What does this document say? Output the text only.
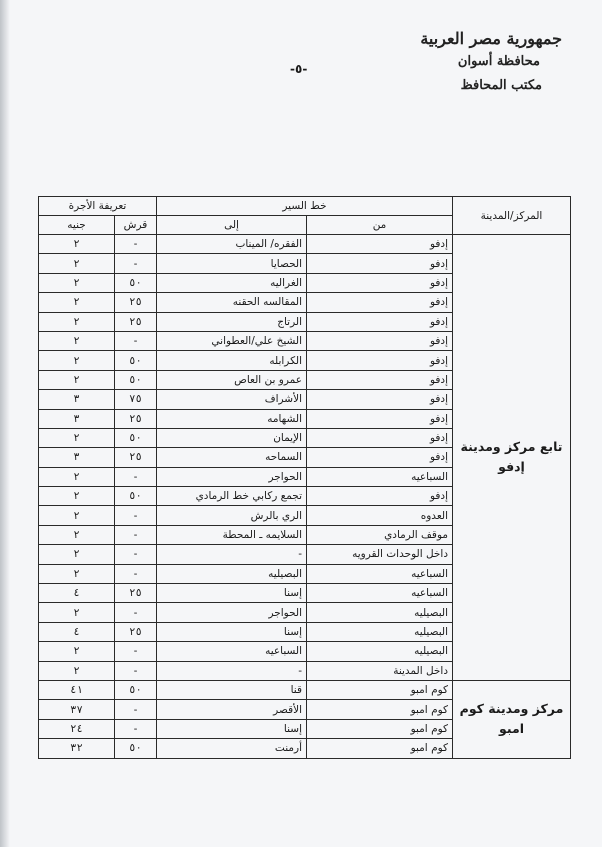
جمهورية مصر العربية
محافظة أسوان
مكتب المحافظ
-٥-
المركز/المدينة	خط السير		تعريفة الأجرة	
	من	إلى	قرش	جنيه
تابع مركز ومدينة إدفو	إدفو	الفقره/ الميناب	-	٢
	إدفو	الحصايا	-	٢
	إدفو	الغراليه	٥٠	٢
	إدفو	المقالسه الحقنه	٢٥	٢
	إدفو	الرتاج	٢٥	٢
	إدفو	الشيخ علي/العطواني	-	٢
	إدفو	الكرابله	٥٠	٢
	إدفو	عمرو بن العاص	٥٠	٢
	إدفو	الأشراف	٧٥	٣
	إدفو	الشهامه	٢٥	٣
	إدفو	الإيمان	٥٠	٢
	إدفو	السماحه	٢٥	٣
	السباعيه	الحواجر	-	٢
	إدفو	تجمع ركابي خط الرمادي	٥٠	٢
	العدوه	الري بالرش	-	٢
	موقف الرمادي	السلايمه ـ المحطة	-	٢
	داخل الوحدات القرويه	-	-	٢
	السباعيه	البصيليه	-	٢
	السباعيه	إسنا	٢٥	٤
	البصيليه	الحواجر	-	٢
	البصيليه	إسنا	٢٥	٤
	البصيليه	السباعيه	-	٢
	داخل المدينة	-	-	٢
مركز ومدينة كوم امبو	كوم امبو	قنا	٥٠	٤١
	كوم امبو	الأقصر	-	٣٧
	كوم امبو	إسنا	-	٢٤
	كوم امبو	أرمنت	٥٠	٣٢
